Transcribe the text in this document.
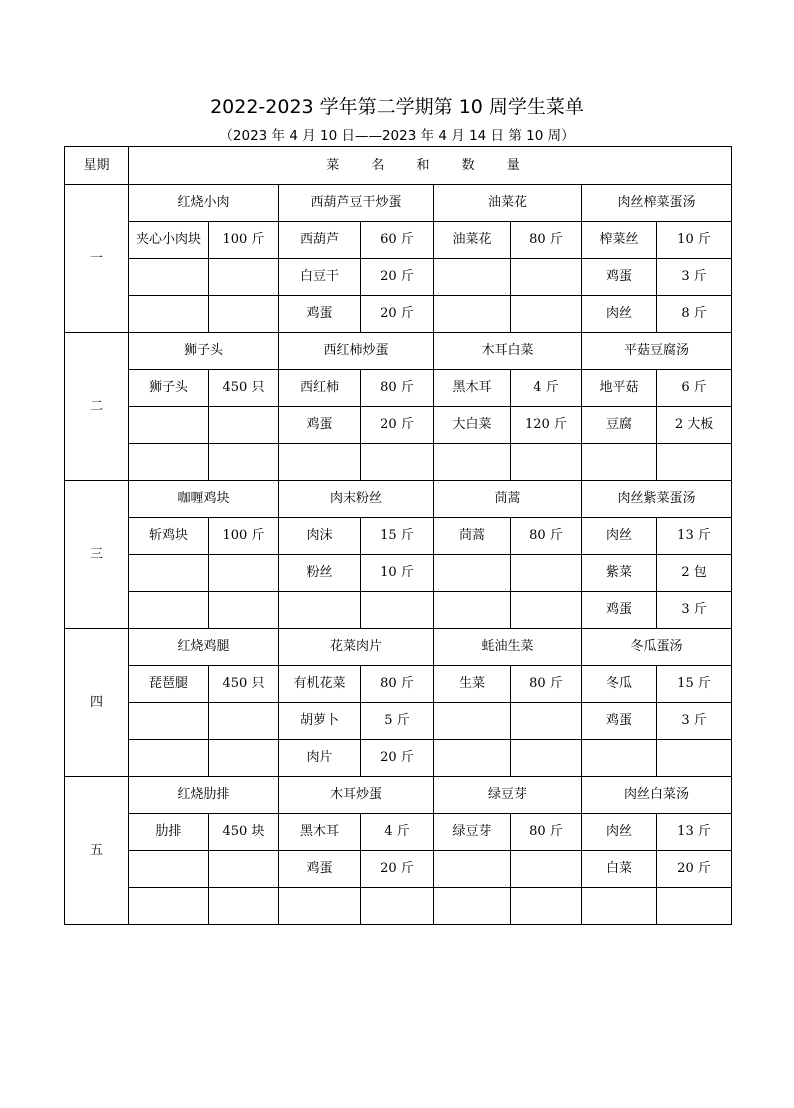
2022-2023 学年第二学期第 10 周学生菜单
（2023 年 4 月 10 日——2023 年 4 月 14 日 第 10 周）
星期	菜 名 和 数 量							
一	红烧小肉		西葫芦豆干炒蛋		油菜花		肉丝榨菜蛋汤	
	夹心小肉块	100 斤	西葫芦	60 斤	油菜花	80 斤	榨菜丝	10 斤
			白豆干	20 斤			鸡蛋	3 斤
			鸡蛋	20 斤			肉丝	8 斤
二	狮子头		西红柿炒蛋		木耳白菜		平菇豆腐汤	
	狮子头	450 只	西红柿	80 斤	黑木耳	4 斤	地平菇	6 斤
			鸡蛋	20 斤	大白菜	120 斤	豆腐	2 大板

三	咖喱鸡块		肉末粉丝		茼蒿		肉丝紫菜蛋汤	
	斩鸡块	100 斤	肉沫	15 斤	茼蒿	80 斤	肉丝	13 斤
			粉丝	10 斤			紫菜	2 包
							鸡蛋	3 斤
四	红烧鸡腿		花菜肉片		蚝油生菜		冬瓜蛋汤	
	琵琶腿	450 只	有机花菜	80 斤	生菜	80 斤	冬瓜	15 斤
			胡萝卜	5 斤			鸡蛋	3 斤
			肉片	20 斤				
五	红烧肋排		木耳炒蛋		绿豆芽		肉丝白菜汤	
	肋排	450 块	黑木耳	4 斤	绿豆芽	80 斤	肉丝	13 斤
			鸡蛋	20 斤			白菜	20 斤
